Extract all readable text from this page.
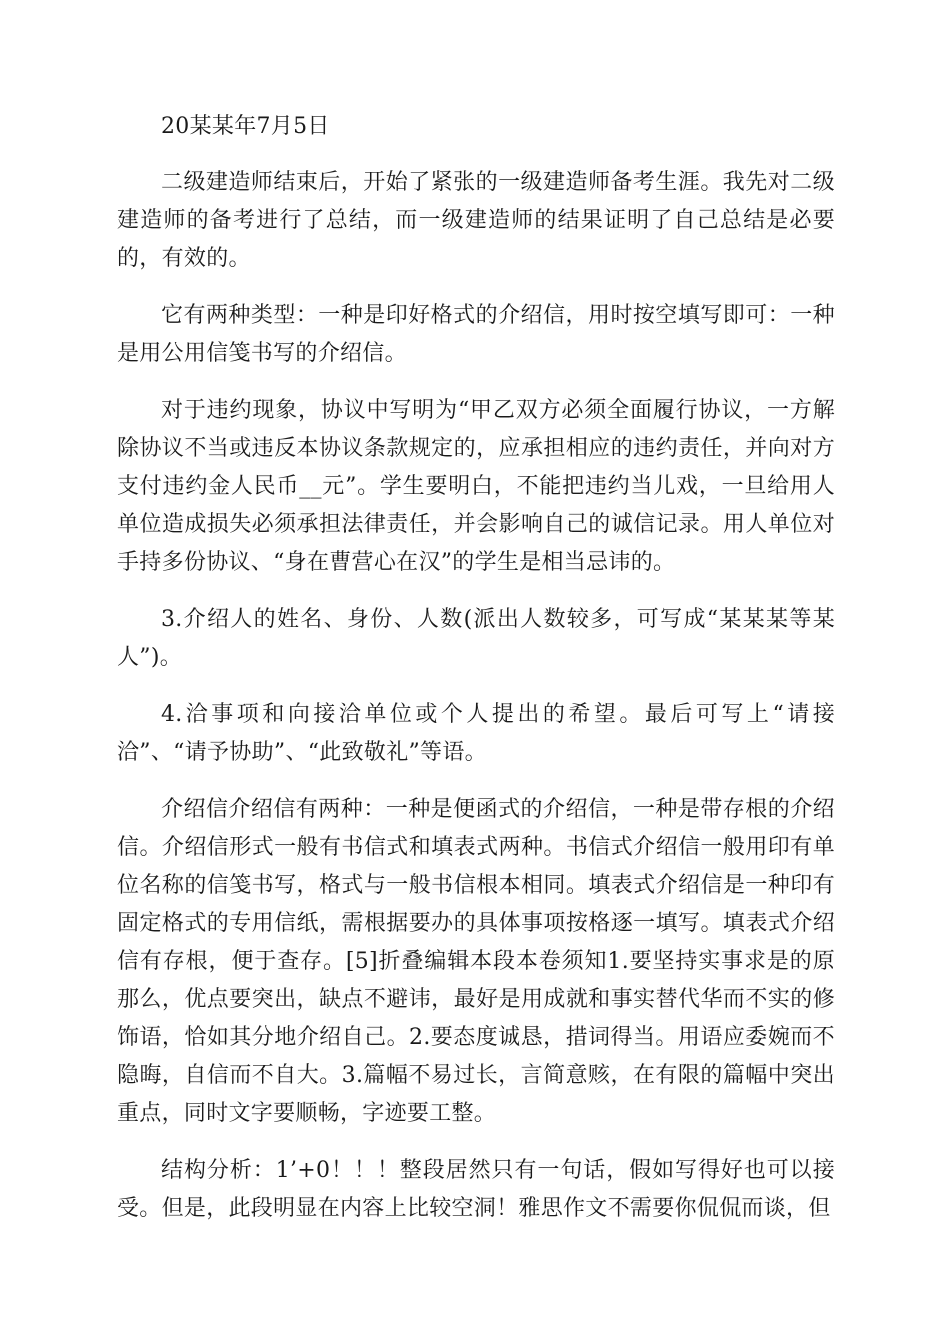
20某某年7月5日

二级建造师结束后，开始了紧张的一级建造师备考生涯。我先对二级建造师的备考进行了总结，而一级建造师的结果证明了自己总结是必要的，有效的。

它有两种类型：一种是印好格式的介绍信，用时按空填写即可：一种是用公用信笺书写的介绍信。

对于违约现象，协议中写明为“甲乙双方必须全面履行协议，一方解除协议不当或违反本协议条款规定的，应承担相应的违约责任，并向对方支付违约金人民币__元”。学生要明白，不能把违约当儿戏，一旦给用人单位造成损失必须承担法律责任，并会影响自己的诚信记录。用人单位对手持多份协议、“身在曹营心在汉”的学生是相当忌讳的。

3.介绍人的姓名、身份、人数(派出人数较多，可写成“某某某等某人”)。

4.洽事项和向接洽单位或个人提出的希望。最后可写上“请接洽”、“请予协助”、“此致敬礼”等语。

介绍信介绍信有两种：一种是便函式的介绍信，一种是带存根的介绍信。介绍信形式一般有书信式和填表式两种。书信式介绍信一般用印有单位名称的信笺书写，格式与一般书信根本相同。填表式介绍信是一种印有固定格式的专用信纸，需根据要办的具体事项按格逐一填写。填表式介绍信有存根，便于查存。[5]折叠编辑本段本卷须知1.要坚持实事求是的原那么，优点要突出，缺点不避讳，最好是用成就和事实替代华而不实的修饰语，恰如其分地介绍自己。2.要态度诚恳，措词得当。用语应委婉而不隐晦，自信而不自大。3.篇幅不易过长，言简意赅，在有限的篇幅中突出重点，同时文字要顺畅，字迹要工整。

结构分析：1’+0！！！整段居然只有一句话，假如写得好也可以接受。但是，此段明显在内容上比较空洞！雅思作文不需要你侃侃而谈，但
